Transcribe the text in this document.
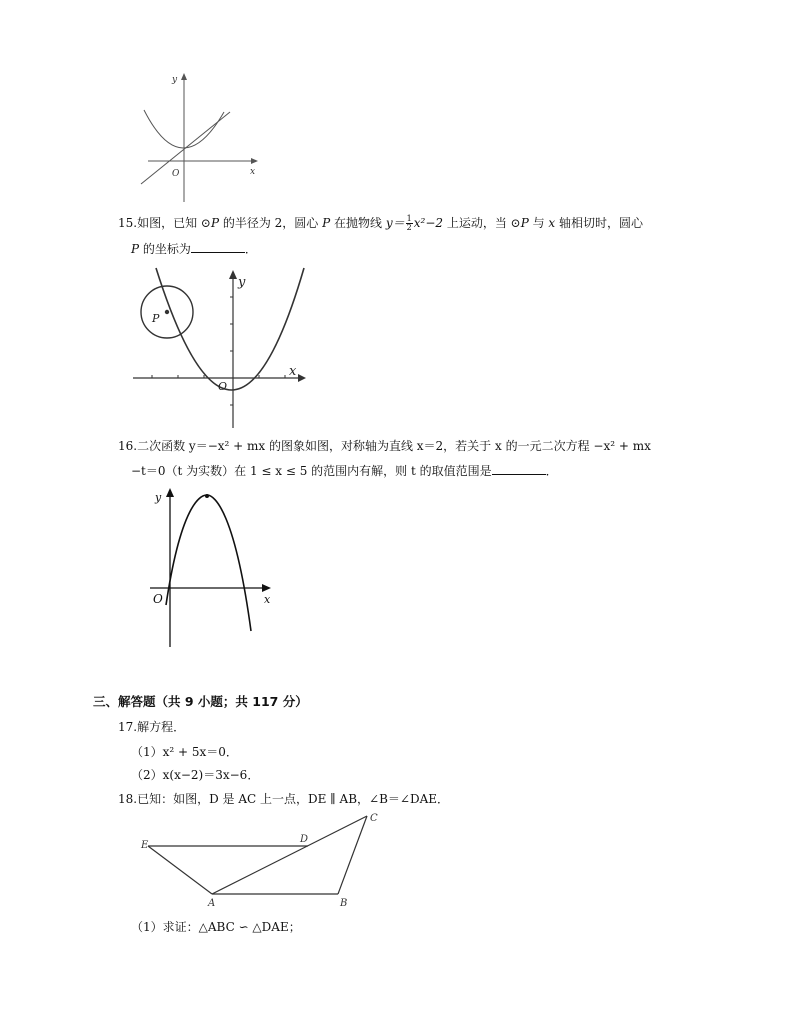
y
x
O
15.如图，已知 ⊙P 的半径为 2，圆心 P 在抛物线 $y= \frac{1}{2} x^2-2$ 上运动，当 ⊙P 与 x 轴相切时，圆心
P 的坐标为	．
P
y
x
O
16.二次函数 y＝−x² + mx 的图象如图，对称轴为直线 x＝2，若关于 x 的一元二次方程 −x² + mx
−t＝0（t 为实数）在 1 ≤ x ≤ 5 的范围内有解，则 t 的取值范围是	．
y
x
O
三、解答题（共 9 小题；共 117 分）
17.解方程．
（1）x² + 5x＝0．
（2）x(x−2)＝3x−6．
18.已知：如图，D 是 AC 上一点，DE ∥ AB，∠B＝∠DAE．
E
D
C
A	B
（1）求证：△ABC ∽ △DAE；
